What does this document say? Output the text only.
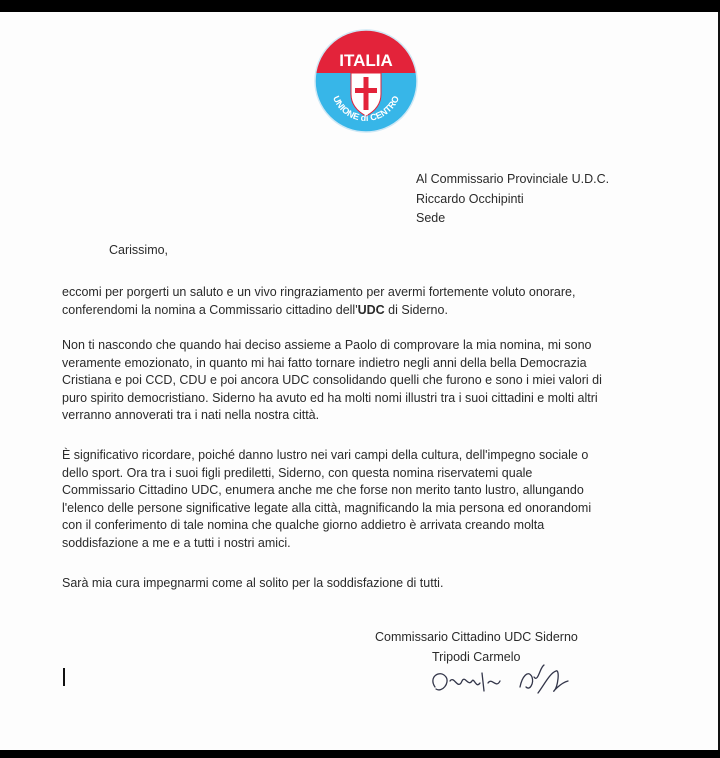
ITALIA
UNIONE di CENTRO
Al Commissario Provinciale U.D.C.
Riccardo Occhipinti
Sede
Carissimo,
eccomi per porgerti un saluto e un vivo ringraziamento per avermi fortemente voluto onorare,
conferendomi la nomina a Commissario cittadino dell'UDC di Siderno.
Non ti nascondo che quando hai deciso assieme a Paolo di comprovare la mia nomina, mi sono
veramente emozionato, in quanto mi hai fatto tornare indietro negli anni della bella Democrazia
Cristiana e poi CCD, CDU e poi ancora UDC consolidando quelli che furono e sono i miei valori di
puro spirito democristiano. Siderno ha avuto ed ha molti nomi illustri tra i suoi cittadini e molti altri
verranno annoverati tra i nati nella nostra città.
È significativo ricordare, poiché danno lustro nei vari campi della cultura, dell'impegno sociale o
dello sport. Ora tra i suoi figli prediletti, Siderno, con questa nomina riservatemi quale
Commissario Cittadino UDC, enumera anche me che forse non merito tanto lustro, allungando
l'elenco delle persone significative legate alla città, magnificando la mia persona ed onorandomi
con il conferimento di tale nomina che qualche giorno addietro è arrivata creando molta
soddisfazione a me e a tutti i nostri amici.
Sarà mia cura impegnarmi come al solito per la soddisfazione di tutti.
Commissario Cittadino UDC Siderno
Tripodi Carmelo
